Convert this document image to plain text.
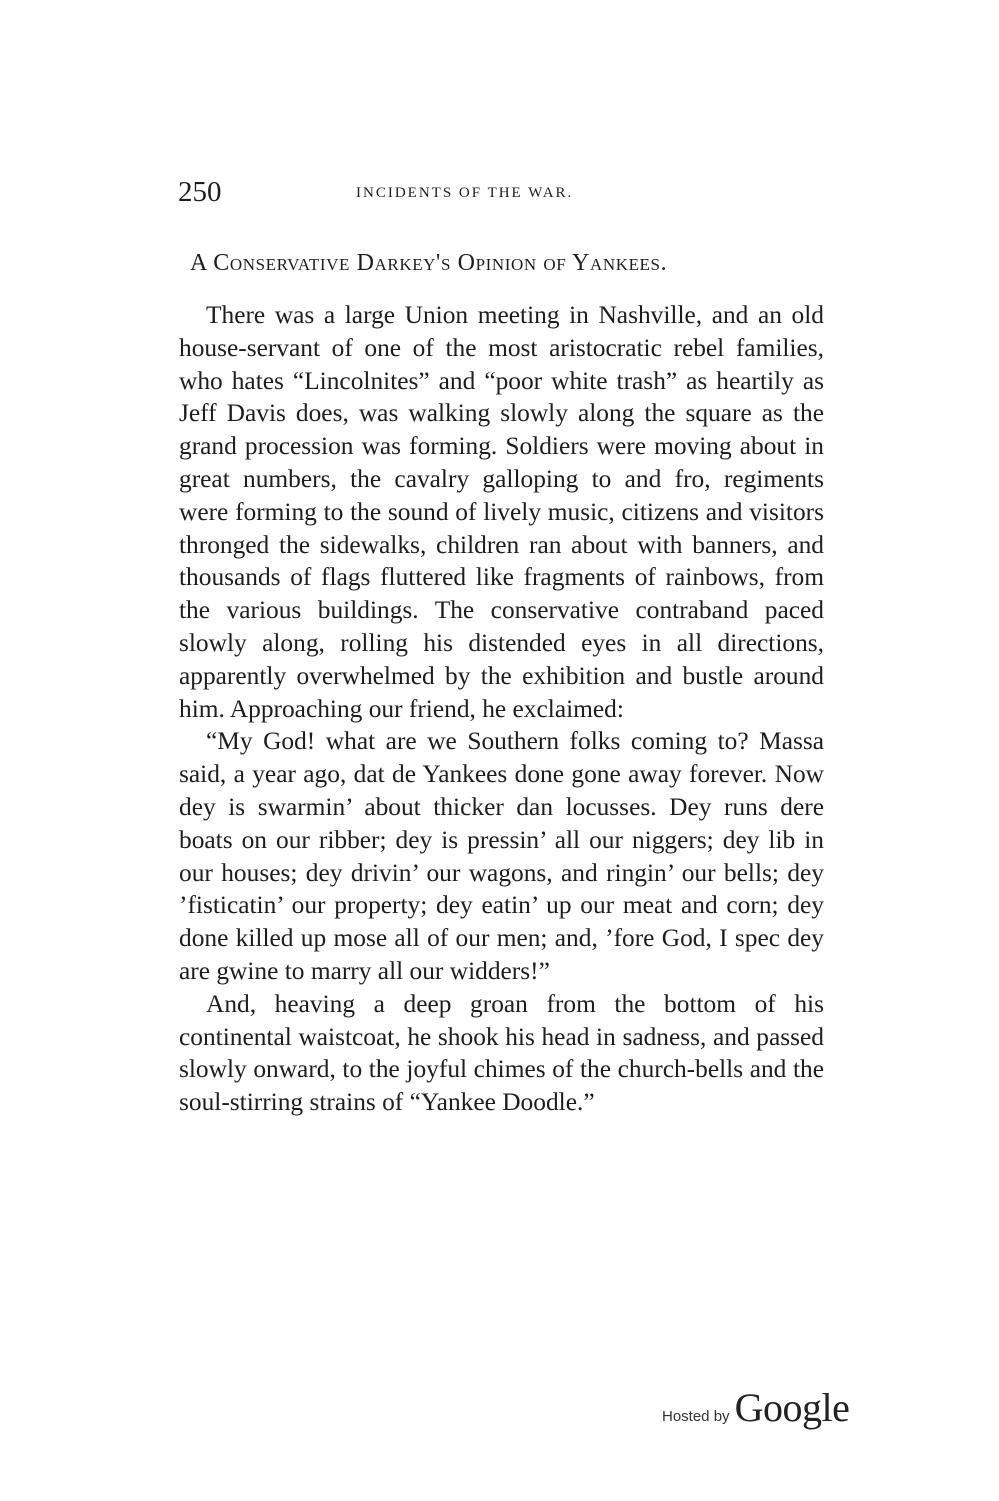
250	INCIDENTS OF THE WAR.
A Conservative Darkey's Opinion of Yankees.

There was a large Union meeting in Nashville, and an old house-servant of one of the most aristocratic rebel families, who hates “Lincolnites” and “poor white trash” as heartily as Jeff Davis does, was walking slowly along the square as the grand procession was forming. Soldiers were moving about in great numbers, the cavalry galloping to and fro, regiments were forming to the sound of lively music, citizens and visitors thronged the sidewalks, children ran about with banners, and thousands of flags fluttered like fragments of rainbows, from the various buildings. The conservative contraband paced slowly along, rolling his distended eyes in all directions, apparently overwhelmed by the exhibition and bustle around him. Approaching our friend, he exclaimed:

“My God! what are we Southern folks coming to? Massa said, a year ago, dat de Yankees done gone away forever. Now dey is swarmin’ about thicker dan locusses. Dey runs dere boats on our ribber; dey is pressin’ all our niggers; dey lib in our houses; dey drivin’ our wagons, and ringin’ our bells; dey ’fisticatin’ our property; dey eatin’ up our meat and corn; dey done killed up mose all of our men; and, ’fore God, I spec dey are gwine to marry all our widders!”

And, heaving a deep groan from the bottom of his continental waistcoat, he shook his head in sadness, and passed slowly onward, to the joyful chimes of the church-bells and the soul-stirring strains of “Yankee Doodle.”

Hosted by Google
